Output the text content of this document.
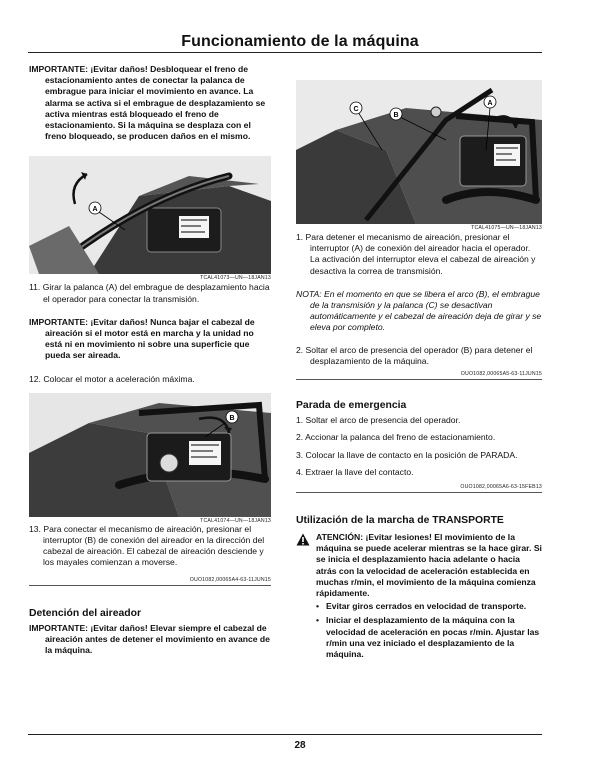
Funcionamiento de la máquina

IMPORTANTE: ¡Evitar daños! Desbloquear el freno de estacionamiento antes de conectar la palanca de embrague para iniciar el movimiento en avance. La alarma se activa si el embrague de desplazamiento se activa mientras está bloqueado el freno de estacionamiento. Si la máquina se desplaza con el freno bloqueado, se producen daños en el mismo.

A
TCAL41073—UN—18JAN13

11. Girar la palanca (A) del embrague de desplazamiento hacia el operador para conectar la transmisión.

IMPORTANTE: ¡Evitar daños! Nunca bajar el cabezal de aireación si el motor está en marcha y la unidad no está ni en movimiento ni sobre una superficie que pueda ser aireada.

12. Colocar el motor a aceleración máxima.

B
TCAL41074—UN—18JAN13

13. Para conectar el mecanismo de aireación, presionar el interruptor (B) de conexión del aireador en la dirección del cabezal de aireación. El cabezal de aireación desciende y los mayales comienzan a moverse.

OUO1082,00065A4-63-11JUN15
Detención del aireador

IMPORTANTE: ¡Evitar daños! Elevar siempre el cabezal de aireación antes de detener el movimiento en avance de la máquina.

C
B
A
TCAL41075—UN—18JAN13

1. Para detener el mecanismo de aireación, presionar el interruptor (A) de conexión del aireador hacia el operador. La activación del interruptor eleva el cabezal de aireación y desactiva la correa de transmisión.

NOTA: En el momento en que se libera el arco (B), el embrague de la transmisión y la palanca (C) se desactivan automáticamente y el cabezal de aireación deja de girar y se eleva por completo.

2. Soltar el arco de presencia del operador (B) para detener el desplazamiento de la máquina.

OUO1082,00065A5-63-11JUN15
Parada de emergencia

1. Soltar el arco de presencia del operador.

2. Accionar la palanca del freno de estacionamiento.

3. Colocar la llave de contacto en la posición de PARADA.

4. Extraer la llave del contacto.

OUO1082,00065A6-63-15FEB13
Utilización de la marcha de TRANSPORTE

ATENCIÓN: ¡Evitar lesiones! El movimiento de la máquina se puede acelerar mientras se la hace girar. Si se inicia el desplazamiento hacia adelante o hacia atrás con la velocidad de aceleración establecida en muchas r/min, el movimiento de la máquina comienza rápidamente.

• Evitar giros cerrados en velocidad de transporte.
• Iniciar el desplazamiento de la máquina con la velocidad de aceleración en pocas r/min. Ajustar las r/min una vez iniciado el desplazamiento de la máquina.
28
